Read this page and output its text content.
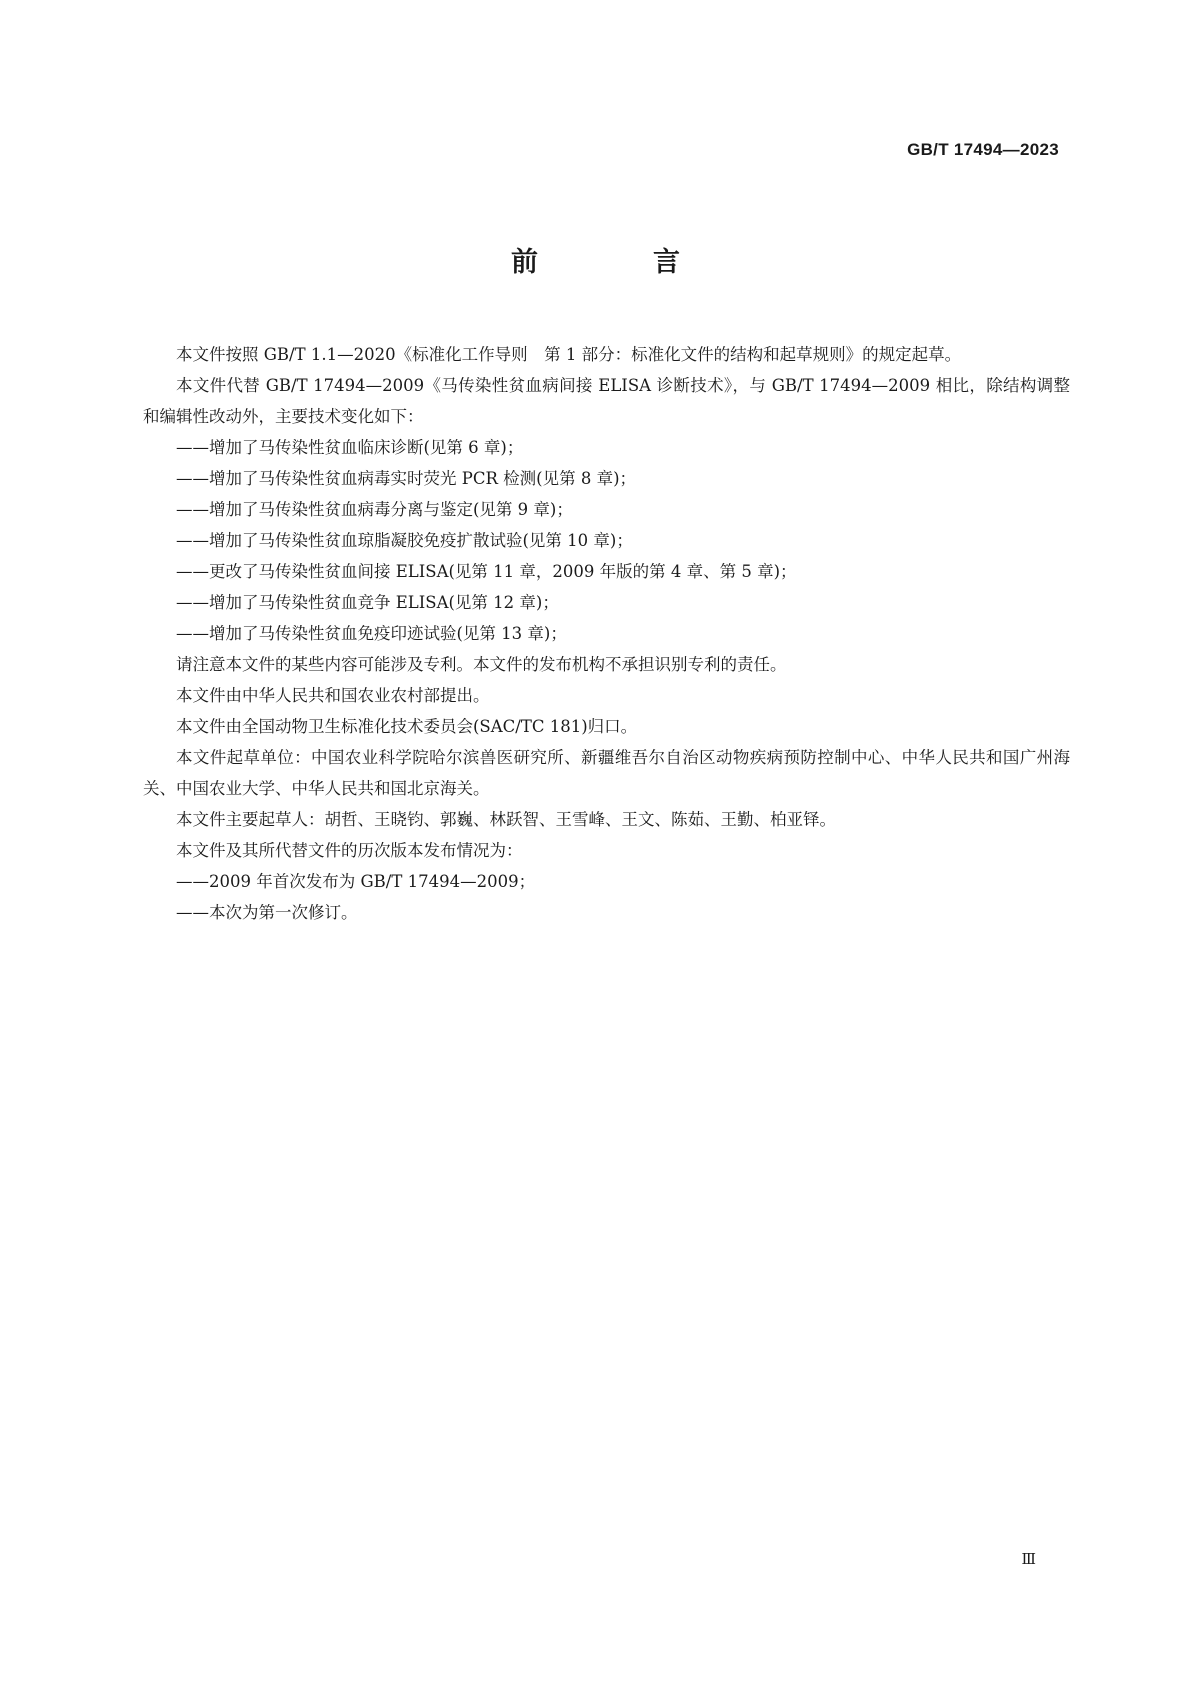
GB/T 17494—2023
前　言

本文件按照 GB/T 1.1—2020《标准化工作导则　第 1 部分：标准化文件的结构和起草规则》的规定起草。

本文件代替 GB/T 17494—2009《马传染性贫血病间接 ELISA 诊断技术》，与 GB/T 17494—2009 相比，除结构调整和编辑性改动外，主要技术变化如下：

——增加了马传染性贫血临床诊断(见第 6 章)；

——增加了马传染性贫血病毒实时荧光 PCR 检测(见第 8 章)；

——增加了马传染性贫血病毒分离与鉴定(见第 9 章)；

——增加了马传染性贫血琼脂凝胶免疫扩散试验(见第 10 章)；

——更改了马传染性贫血间接 ELISA(见第 11 章，2009 年版的第 4 章、第 5 章)；

——增加了马传染性贫血竞争 ELISA(见第 12 章)；

——增加了马传染性贫血免疫印迹试验(见第 13 章)；

请注意本文件的某些内容可能涉及专利。本文件的发布机构不承担识别专利的责任。

本文件由中华人民共和国农业农村部提出。

本文件由全国动物卫生标准化技术委员会(SAC/TC 181)归口。

本文件起草单位：中国农业科学院哈尔滨兽医研究所、新疆维吾尔自治区动物疾病预防控制中心、中华人民共和国广州海关、中国农业大学、中华人民共和国北京海关。

本文件主要起草人：胡哲、王晓钧、郭巍、林跃智、王雪峰、王文、陈茹、王勤、柏亚铎。

本文件及其所代替文件的历次版本发布情况为：

——2009 年首次发布为 GB/T 17494—2009；

——本次为第一次修订。

Ⅲ
